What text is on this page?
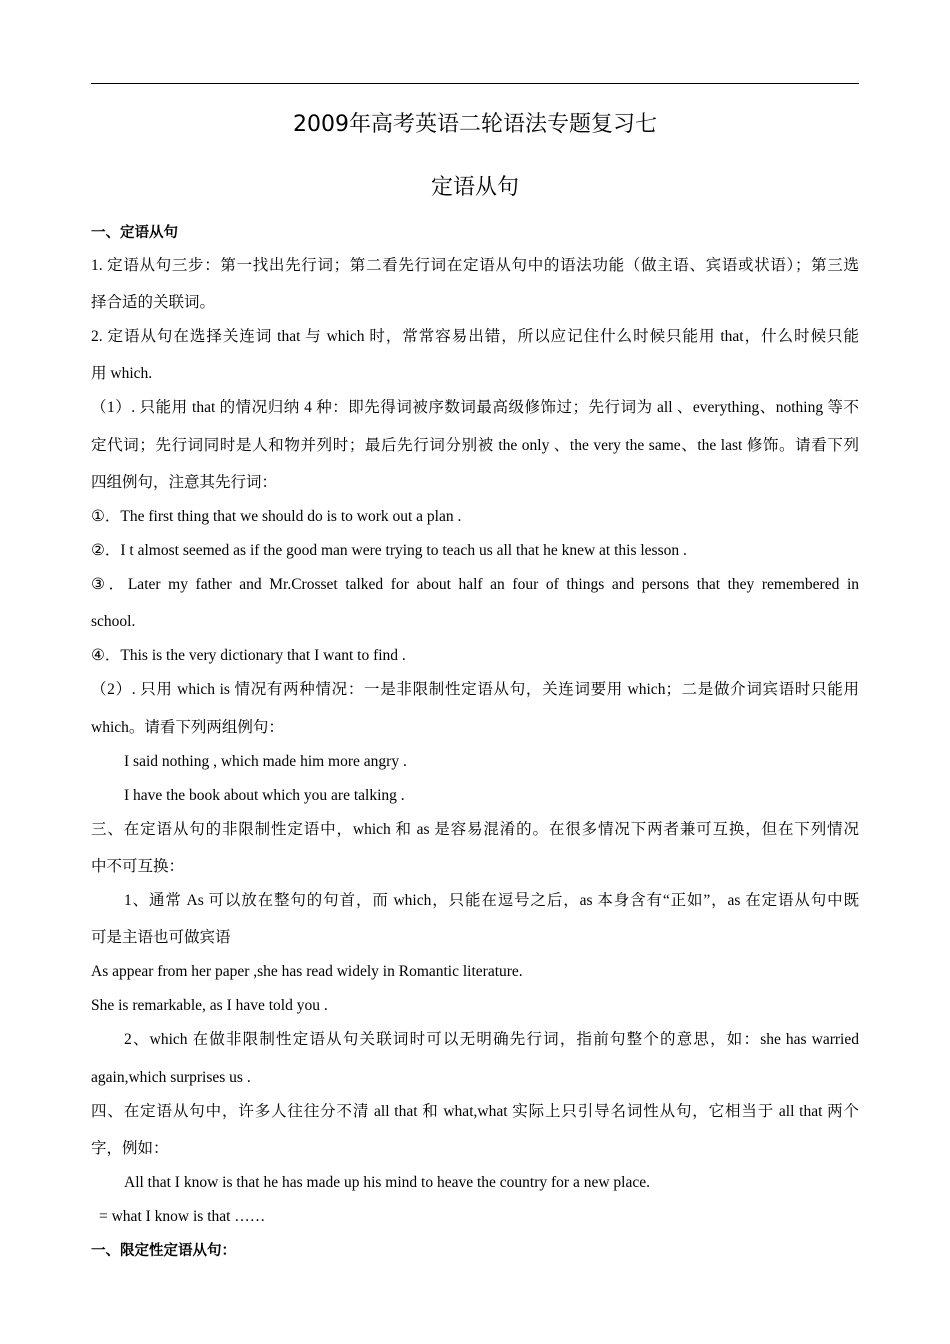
2009年高考英语二轮语法专题复习七
定语从句
一、定语从句
1. 定语从句三步：第一找出先行词；第二看先行词在定语从句中的语法功能（做主语、宾语或状语）；第三选
择合适的关联词。
2. 定语从句在选择关连词 that 与 which 时，常常容易出错，所以应记住什么时候只能用 that，什么时候只能
用 which.
（1）. 只能用 that 的情况归纳 4 种：即先得词被序数词最高级修饰过；先行词为 all 、everything、nothing 等不
定代词；先行词同时是人和物并列时；最后先行词分别被 the only 、the very the same、the last 修饰。请看下列
四组例句，注意其先行词：
①．The first thing that we should do is to work out a plan .
②．I t almost seemed as if the good man were trying to teach us all that he knew at this lesson .
③．Later my father and Mr.Crosset talked for about half an four of things and persons that they remembered in
school.
④．This is the very dictionary that I want to find .
（2）. 只用 which is 情况有两种情况：一是非限制性定语从句，关连词要用 which；二是做介词宾语时只能用
which。请看下列两组例句：
I said nothing , which made him more angry .
I have the book about which you are talking .
三、在定语从句的非限制性定语中，which 和 as 是容易混淆的。在很多情况下两者兼可互换，但在下列情况
中不可互换：
1、通常 As 可以放在整句的句首，而 which，只能在逗号之后，as 本身含有“正如”，as 在定语从句中既
可是主语也可做宾语
As appear from her paper ,she has read widely in Romantic literature.
She is remarkable, as I have told you .
2、which 在做非限制性定语从句关联词时可以无明确先行词，指前句整个的意思，如：she has warried
again,which surprises us .
四、在定语从句中，许多人往往分不清 all that 和 what,what 实际上只引导名词性从句，它相当于 all that 两个
字，例如：
All that I know is that he has made up his mind to heave the country for a new place.
= what I know is that ……
一、限定性定语从句：
